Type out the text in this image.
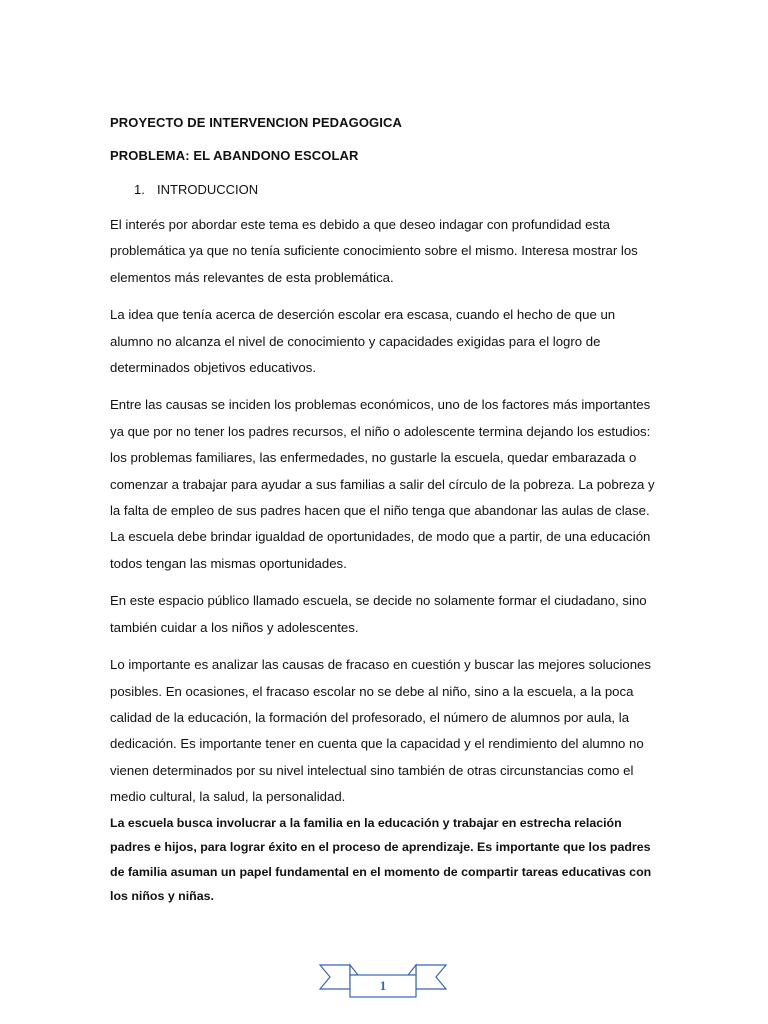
PROYECTO DE INTERVENCION PEDAGOGICA

PROBLEMA: EL ABANDONO ESCOLAR

1. INTRODUCCION

El interés por abordar este tema es debido a que deseo indagar con profundidad esta problemática ya que no tenía suficiente conocimiento sobre el mismo. Interesa mostrar los elementos más relevantes de esta problemática.

La idea que tenía acerca de deserción escolar era escasa, cuando el hecho de que un alumno no alcanza el nivel de conocimiento y capacidades exigidas para el logro de determinados objetivos educativos.

Entre las causas se inciden los problemas económicos, uno de los factores más importantes ya que por no tener los padres recursos, el niño o adolescente termina dejando los estudios: los problemas familiares, las enfermedades, no gustarle la escuela, quedar embarazada o comenzar a trabajar para ayudar a sus familias a salir del círculo de la pobreza. La pobreza y la falta de empleo de sus padres hacen que el niño tenga que abandonar las aulas de clase. La escuela debe brindar igualdad de oportunidades, de modo que a partir, de una educación todos tengan las mismas oportunidades.

En este espacio público llamado escuela, se decide no solamente formar el ciudadano, sino también cuidar a los niños y adolescentes.

Lo importante es analizar las causas de fracaso en cuestión y buscar las mejores soluciones posibles. En ocasiones, el fracaso escolar no se debe al niño, sino a la escuela, a la poca calidad de la educación, la formación del profesorado, el número de alumnos por aula, la dedicación. Es importante tener en cuenta que la capacidad y el rendimiento del alumno no vienen determinados por su nivel intelectual sino también de otras circunstancias como el medio cultural, la salud, la personalidad.

La escuela busca involucrar a la familia en la educación y trabajar en estrecha relación padres e hijos, para lograr éxito en el proceso de aprendizaje. Es importante que los padres de familia asuman un papel fundamental en el momento de compartir tareas educativas con los niños y niñas.

1
